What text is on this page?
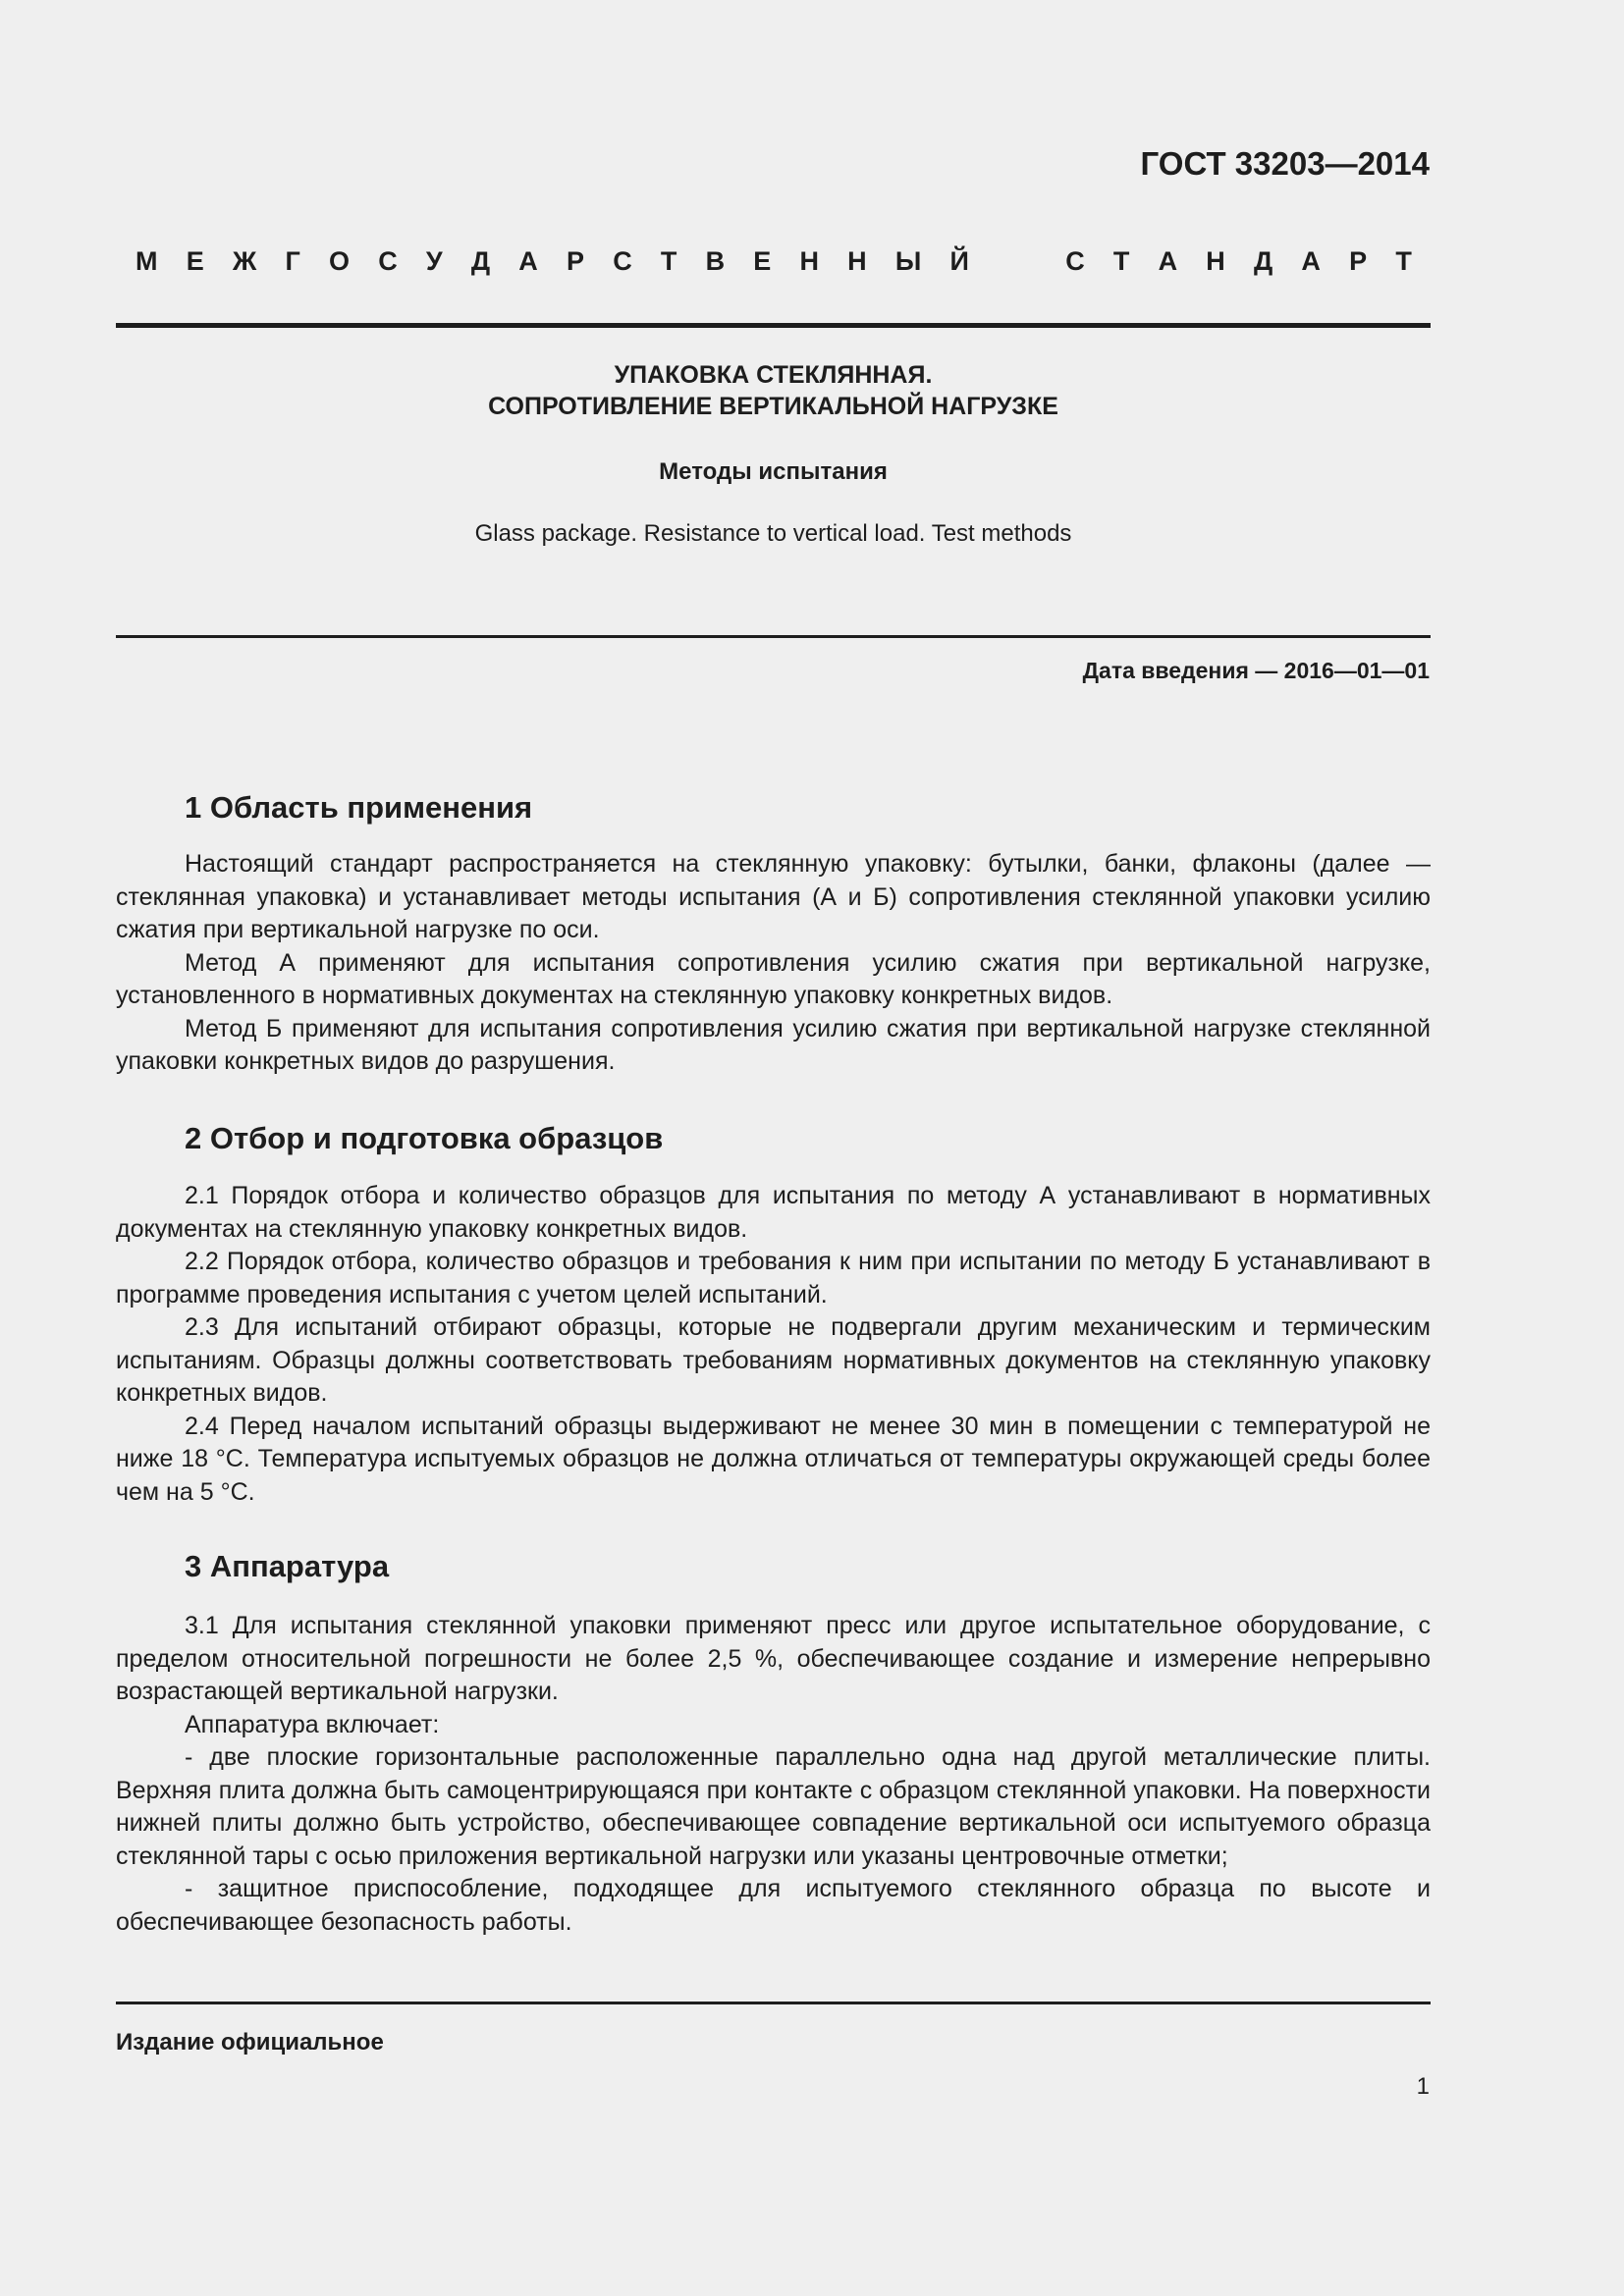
ГОСТ 33203—2014
М Е Ж Г О С У Д А Р С Т В Е Н Н Ы Й	С Т А Н Д А Р Т
УПАКОВКА СТЕКЛЯННАЯ.
СОПРОТИВЛЕНИЕ ВЕРТИКАЛЬНОЙ НАГРУЗКЕ
Методы испытания
Glass package. Resistance to vertical load. Test methods
Дата введения — 2016—01—01
1 Область применения

Настоящий стандарт распространяется на стеклянную упаковку: бутылки, банки, флаконы (далее — стеклянная упаковка) и устанавливает методы испытания (А и Б) сопротивления стеклянной упаковки усилию сжатия при вертикальной нагрузке по оси.

Метод А применяют для испытания сопротивления усилию сжатия при вертикальной нагрузке, установленного в нормативных документах на стеклянную упаковку конкретных видов.

Метод Б применяют для испытания сопротивления усилию сжатия при вертикальной нагрузке стеклянной упаковки конкретных видов до разрушения.

2 Отбор и подготовка образцов

2.1 Порядок отбора и количество образцов для испытания по методу А устанавливают в нормативных документах на стеклянную упаковку конкретных видов.

2.2 Порядок отбора, количество образцов и требования к ним при испытании по методу Б устанавливают в программе проведения испытания с учетом целей испытаний.

2.3 Для испытаний отбирают образцы, которые не подвергали другим механическим и термическим испытаниям. Образцы должны соответствовать требованиям нормативных документов на стеклянную упаковку конкретных видов.

2.4 Перед началом испытаний образцы выдерживают не менее 30 мин в помещении с температурой не ниже 18 °С. Температура испытуемых образцов не должна отличаться от температуры окружающей среды более чем на 5 °С.

3 Аппаратура

3.1 Для испытания стеклянной упаковки применяют пресс или другое испытательное оборудование, с пределом относительной погрешности не более 2,5 %, обеспечивающее создание и измерение непрерывно возрастающей вертикальной нагрузки.

Аппаратура включает:

- две плоские горизонтальные расположенные параллельно одна над другой металлические плиты. Верхняя плита должна быть самоцентрирующаяся при контакте с образцом стеклянной упаковки. На поверхности нижней плиты должно быть устройство, обеспечивающее совпадение вертикальной оси испытуемого образца стеклянной тары с осью приложения вертикальной нагрузки или указаны центровочные отметки;

- защитное приспособление, подходящее для испытуемого стеклянного образца по высоте и обеспечивающее безопасность работы.

Издание официальное
1
